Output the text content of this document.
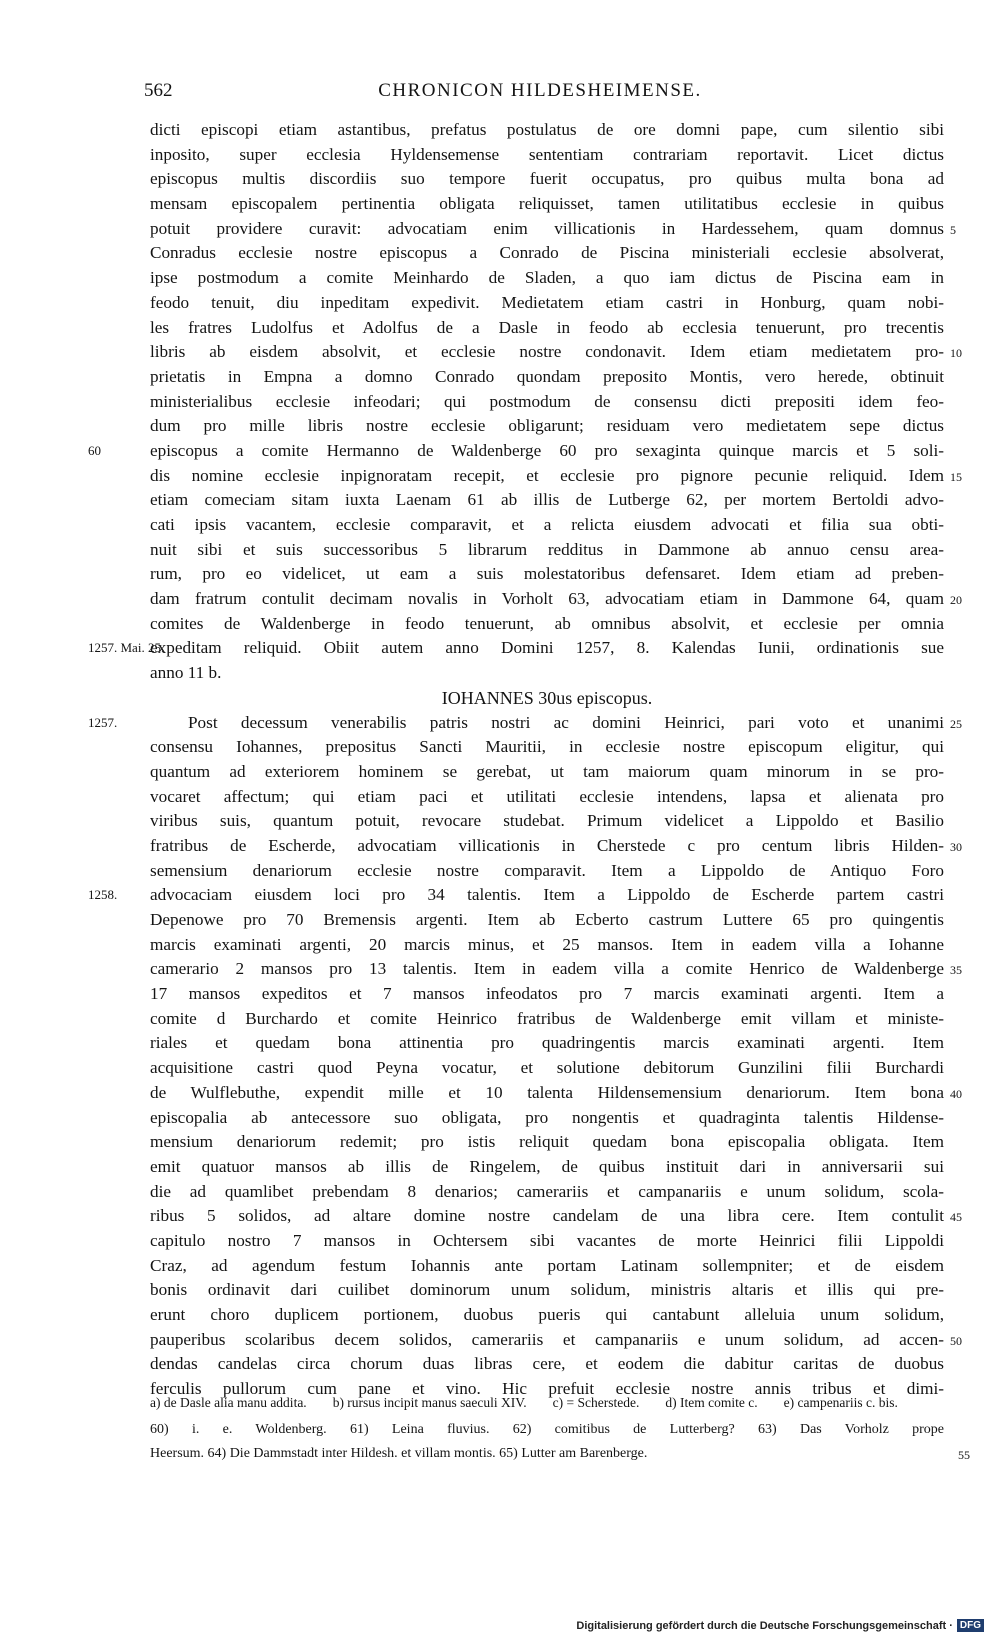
562	CHRONICON HILDESHEIMENSE.
dicti episcopi etiam astantibus, prefatus postulatus de ore domni pape, cum silentio sibi
inposito, super ecclesia Hyldensemense sententiam contrariam reportavit. Licet dictus
episcopus multis discordiis suo tempore fuerit occupatus, pro quibus multa bona ad
mensam episcopalem pertinentia obligata reliquisset, tamen utilitatibus ecclesie in quibus
potuit providere curavit: advocatiam enim villicationis in Hardessehem, quam domnus 5
Conradus ecclesie nostre episcopus a Conrado de Piscina ministeriali ecclesie absolverat,
ipse postmodum a comite Meinhardo de Sladen, a quo iam dictus de Piscina eam in
feodo tenuit, diu inpeditam expedivit. Medietatem etiam castri in Honburg, quam nobi-
les fratres Ludolfus et Adolfus de a Dasle in feodo ab ecclesia tenuerunt, pro trecentis
libris ab eisdem absolvit, et ecclesie nostre condonavit. Idem etiam medietatem pro- 10
prietatis in Empna a domno Conrado quondam preposito Montis, vero herede, obtinuit
ministerialibus ecclesie infeodari; qui postmodum de consensu dicti prepositi idem feo-
dum pro mille libris nostre ecclesie obligarunt; residuam vero medietatem sepe dictus
episcopus a comite Hermanno de Waldenberge 60 pro sexaginta quinque marcis et 5 soli-
60
dis nomine ecclesie inpignoratam recepit, et ecclesie pro pignore pecunie reliquid. Idem 15
etiam comeciam sitam iuxta Laenam 61 ab illis de Lutberge 62, per mortem Bertoldi advo-
cati ipsis vacantem, ecclesie comparavit, et a relicta eiusdem advocati et filia sua obti-
nuit sibi et suis successoribus 5 librarum redditus in Dammone ab annuo censu area-
rum, pro eo videlicet, ut eam a suis molestatoribus defensaret. Idem etiam ad preben-
dam fratrum contulit decimam novalis in Vorholt 63, advocatiam etiam in Dammone 64, quam 20
comites de Waldenberge in feodo tenuerunt, ab omnibus absolvit, et ecclesie per omnia
expeditam reliquid. Obiit autem anno Domini 1257, 8. Kalendas Iunii, ordinationis sue
1257. Mai. 25.
anno 11 b.
IOHANNES 30us episcopus.
Post decessum venerabilis patris nostri ac domini Heinrici, pari voto et unanimi
1257.	25
consensu Iohannes, prepositus Sancti Mauritii, in ecclesie nostre episcopum eligitur, qui
quantum ad exteriorem hominem se gerebat, ut tam maiorum quam minorum in se pro-
vocaret affectum; qui etiam paci et utilitati ecclesie intendens, lapsa et alienata pro
viribus suis, quantum potuit, revocare studebat. Primum videlicet a Lippoldo et Basilio
fratribus de Escherde, advocatiam villicationis in Cherstede c pro centum libris Hilden- 30
semensium denariorum ecclesie nostre comparavit. Item a Lippoldo de Antiquo Foro
advocaciam eiusdem loci pro 34 talentis. Item a Lippoldo de Escherde partem castri
1258.
Depenowe pro 70 Bremensis argenti. Item ab Ecberto castrum Luttere 65 pro quingentis
marcis examinati argenti, 20 marcis minus, et 25 mansos. Item in eadem villa a Iohanne
camerario 2 mansos pro 13 talentis. Item in eadem villa a comite Henrico de Waldenberge 35
17 mansos expeditos et 7 mansos infeodatos pro 7 marcis examinati argenti. Item a
comite d Burchardo et comite Heinrico fratribus de Waldenberge emit villam et ministe-
riales et quedam bona attinentia pro quadringentis marcis examinati argenti. Item
acquisitione castri quod Peyna vocatur, et solutione debitorum Gunzilini filii Burchardi
de Wulflebuthe, expendit mille et 10 talenta Hildensemensium denariorum. Item bona 40
episcopalia ab antecessore suo obligata, pro nongentis et quadraginta talentis Hildense-
mensium denariorum redemit; pro istis reliquit quedam bona episcopalia obligata. Item
emit quatuor mansos ab illis de Ringelem, de quibus instituit dari in anniversarii sui
die ad quamlibet prebendam 8 denarios; camerariis et campanariis e unum solidum, scola-
ribus 5 solidos, ad altare domine nostre candelam de una libra cere. Item contulit 45
capitulo nostro 7 mansos in Ochtersem sibi vacantes de morte Heinrici filii Lippoldi
Craz, ad agendum festum Iohannis ante portam Latinam sollempniter; et de eisdem
bonis ordinavit dari cuilibet dominorum unum solidum, ministris altaris et illis qui pre-
erunt choro duplicem portionem, duobus pueris qui cantabunt alleluia unum solidum,
pauperibus scolaribus decem solidos, camerariis et campanariis e unum solidum, ad accen- 50
dendas candelas circa chorum duas libras cere, et eodem die dabitur caritas de duobus
ferculis pullorum cum pane et vino. Hic prefuit ecclesie nostre annis tribus et dimi-
a) de Dasle alia manu addita. b) rursus incipit manus saeculi XIV. c) = Scherstede. d) Item comite c. e) campenariis c. bis.
60) i. e. Woldenberg. 61) Leina fluvius. 62) comitibus de Lutterberg? 63) Das Vorholz prope
Heersum. 64) Die Dammstadt inter Hildesh. et villam montis. 65) Lutter am Barenberge.	55
Digitalisierung gefördert durch die Deutsche Forschungsgemeinschaft · DFG
